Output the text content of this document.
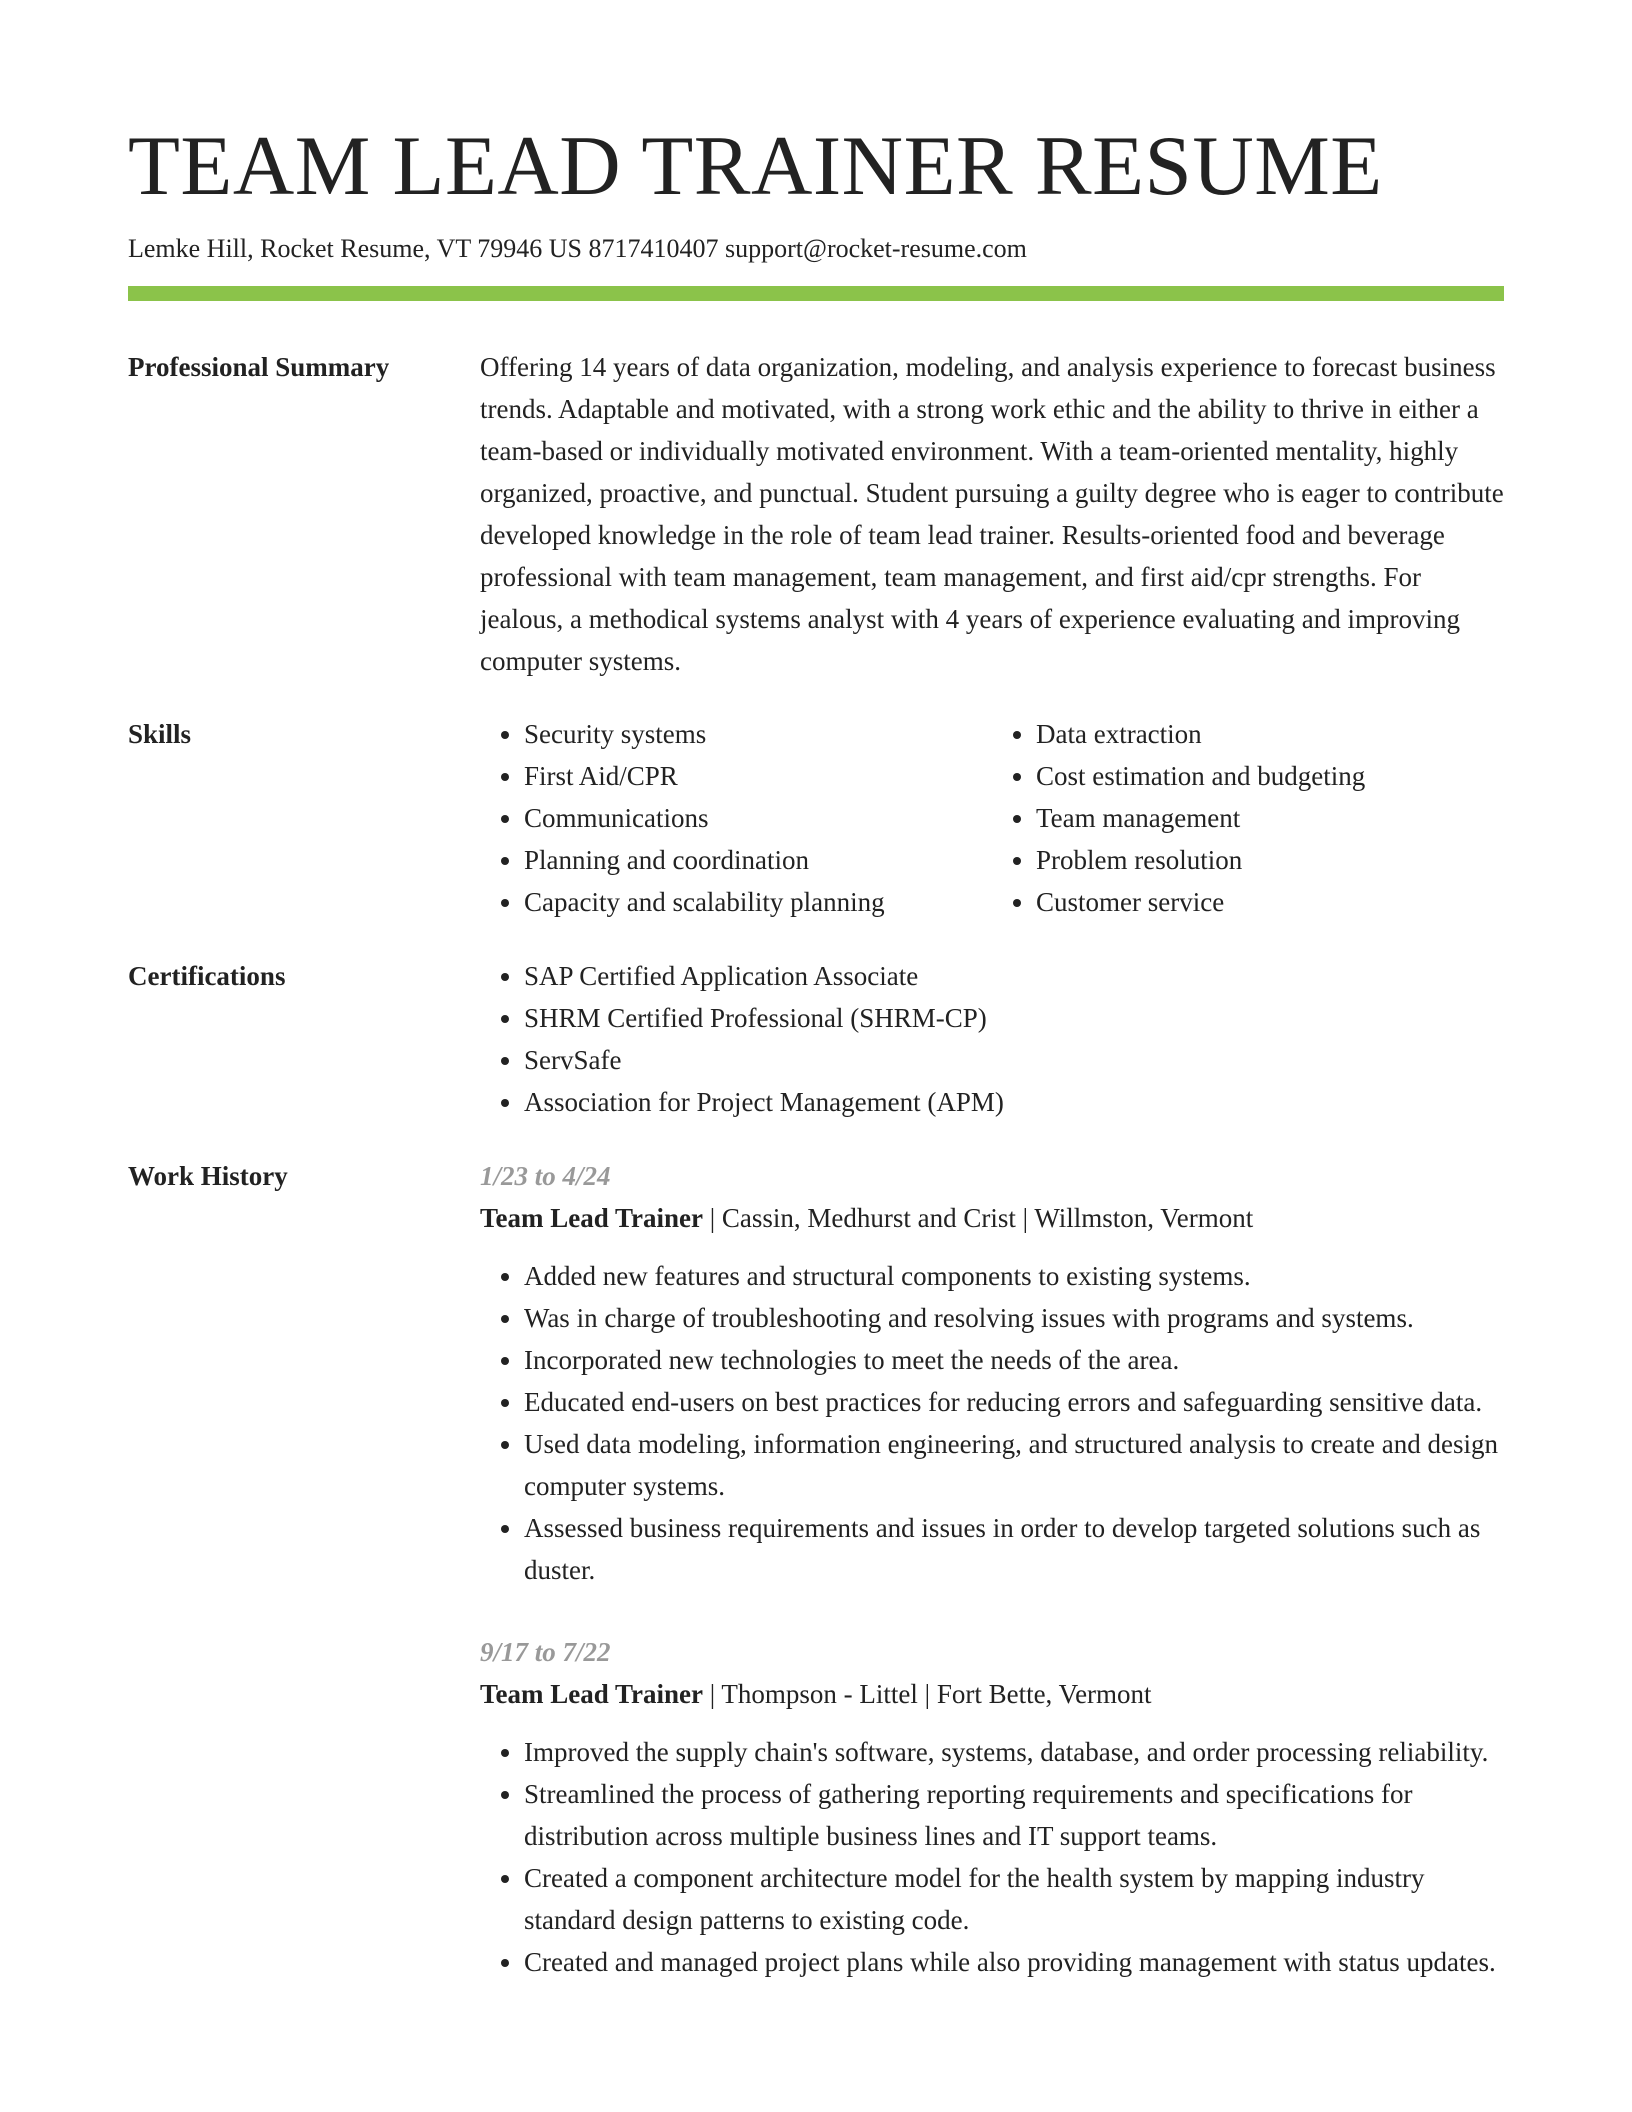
TEAM LEAD TRAINER RESUME
Lemke Hill, Rocket Resume, VT 79946 US 8717410407 support@rocket-resume.com
Professional Summary	Offering 14 years of data organization, modeling, and analysis experience to forecast business trends. Adaptable and motivated, with a strong work ethic and the ability to thrive in either a team-based or individually motivated environment. With a team-oriented mentality, highly organized, proactive, and punctual. Student pursuing a guilty degree who is eager to contribute developed knowledge in the role of team lead trainer. Results-oriented food and beverage professional with team management, team management, and first aid/cpr strengths. For jealous, a methodical systems analyst with 4 years of experience evaluating and improving computer systems.

Skills	• Security systems
• First Aid/CPR
• Communications
• Planning and coordination
• Capacity and scalability planning
• Data extraction
• Cost estimation and budgeting
• Team management
• Problem resolution
• Customer service
Certifications	• SAP Certified Application Associate
• SHRM Certified Professional (SHRM-CP)
• ServSafe
• Association for Project Management (APM)
Work History	1/23 to 4/24
Team Lead Trainer | Cassin, Medhurst and Crist | Willmston, Vermont
• Added new features and structural components to existing systems.
• Was in charge of troubleshooting and resolving issues with programs and systems.
• Incorporated new technologies to meet the needs of the area.
• Educated end-users on best practices for reducing errors and safeguarding sensitive data.
• Used data modeling, information engineering, and structured analysis to create and design computer systems.
• Assessed business requirements and issues in order to develop targeted solutions such as duster.
9/17 to 7/22
Team Lead Trainer | Thompson - Littel | Fort Bette, Vermont
• Improved the supply chain's software, systems, database, and order processing reliability.
• Streamlined the process of gathering reporting requirements and specifications for distribution across multiple business lines and IT support teams.
• Created a component architecture model for the health system by mapping industry standard design patterns to existing code.
• Created and managed project plans while also providing management with status updates.
